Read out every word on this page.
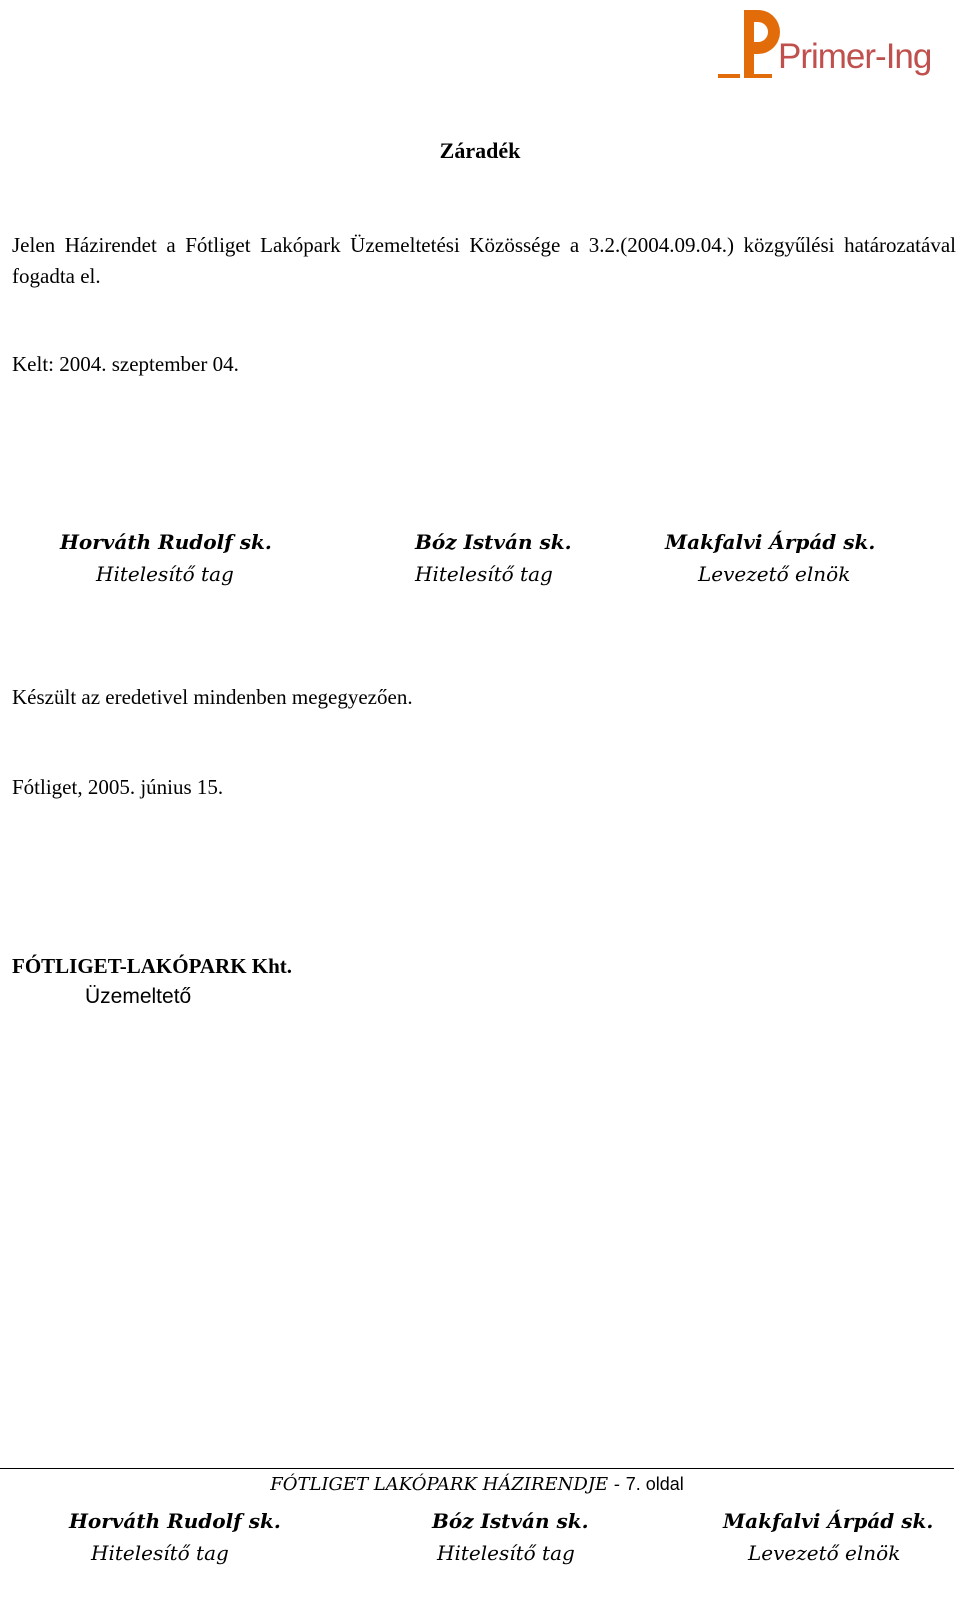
Primer-Ing
Záradék
Jelen Házirendet a Fótliget Lakópark Üzemeltetési Közössége a 3.2.(2004.09.04.) közgyűlési határozatával fogadta el.
Kelt: 2004. szeptember 04.
Horváth Rudolf sk.
Hitelesítő tag
Bóz István sk.
Hitelesítő tag
Makfalvi Árpád sk.
Levezető elnök
Készült az eredetivel mindenben megegyezően.
Fótliget, 2005. június 15.
FÓTLIGET-LAKÓPARK Kht.
Üzemeltető
FÓTLIGET LAKÓPARK HÁZIRENDJE - 7. oldal
Horváth Rudolf sk.
Hitelesítő tag
Bóz István sk.
Hitelesítő tag
Makfalvi Árpád sk.
Levezető elnök
